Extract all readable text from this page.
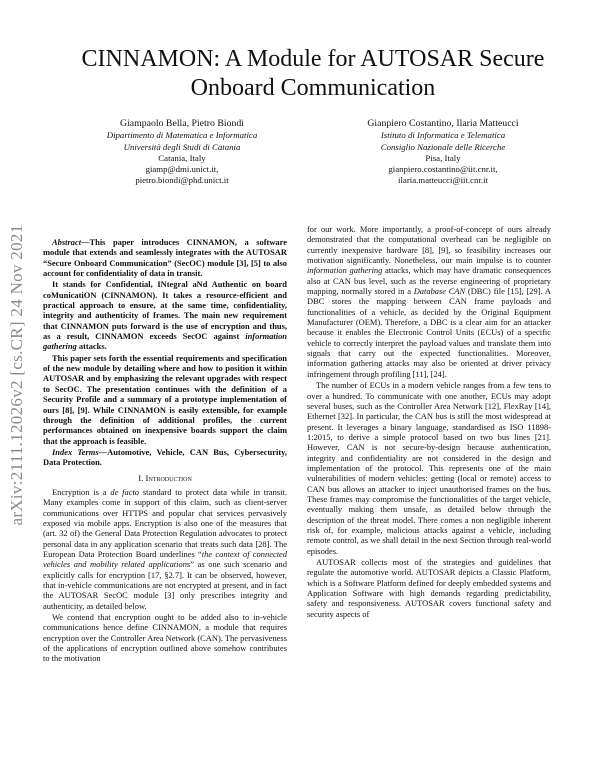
arXiv:2111.12026v2 [cs.CR] 24 Nov 2021
CINNAMON: A Module for AUTOSAR Secure
Onboard Communication
Giampaolo Bella, Pietro Biondi
Dipartimento di Matematica e Informatica
Università degli Studi di Catania
Catania, Italy
giamp@dmi.unict.it,
pietro.biondi@phd.unict.it
Gianpiero Costantino, Ilaria Matteucci
Istituto di Informatica e Telematica
Consiglio Nazionale delle Ricerche
Pisa, Italy
gianpiero.costantino@iit.cnr.it,
ilaria.matteucci@iit.cnr.it

Abstract—This paper introduces CINNAMON, a software module that extends and seamlessly integrates with the AUTOSAR “Secure Onboard Communication” (SecOC) module [3], [5] to also account for confidentiality of data in transit.

It stands for Confidential, INtegral aNd Authentic on board coMunicatiON (CINNAMON). It takes a resource-efficient and practical approach to ensure, at the same time, confidentiality, integrity and authenticity of frames. The main new requirement that CINNAMON puts forward is the use of encryption and thus, as a result, CINNAMON exceeds SecOC against information gathering attacks.

This paper sets forth the essential requirements and specification of the new module by detailing where and how to position it within AUTOSAR and by emphasizing the relevant upgrades with respect to SecOC. The presentation continues with the definition of a Security Profile and a summary of a prototype implementation of ours [8], [9]. While CINNAMON is easily extensible, for example through the definition of additional profiles, the current performances obtained on inexpensive boards support the claim that the approach is feasible.

Index Terms—Automotive, Vehicle, CAN Bus, Cybersecurity, Data Protection.

I. Introduction

Encryption is a de facto standard to protect data while in transit. Many examples come in support of this claim, such as client-server communications over HTTPS and popular chat services pervasively exposed via mobile apps. Encryption is also one of the measures that (art. 32 of) the General Data Protection Regulation advocates to protect personal data in any application scenario that treats such data [28]. The European Data Protection Board underlines “the context of connected vehicles and mobility related applications” as one such scenario and explicitly calls for encryption [17, §2.7]. It can be observed, however, that in-vehicle communications are not encrypted at present, and in fact the AUTOSAR SecOC module [3] only prescribes integrity and authenticity, as detailed below.

We contend that encryption ought to be added also to in-vehicle communications hence define CINNAMON, a module that requires encryption over the Controller Area Network (CAN). The pervasiveness of the applications of encryption outlined above somehow contributes to the motivation

for our work. More importantly, a proof-of-concept of ours already demonstrated that the computational overhead can be negligible on currently inexpensive hardware [8], [9], so feasibility increases our motivation significantly. Nonetheless, our main impulse is to counter information gathering attacks, which may have dramatic consequences also at CAN bus level, such as the reverse engineering of proprietary mapping, normally stored in a Database CAN (DBC) file [15], [29]. A DBC stores the mapping between CAN frame payloads and functionalities of a vehicle, as decided by the Original Equipment Manufacturer (OEM). Therefore, a DBC is a clear aim for an attacker because it enables the Electronic Control Units (ECUs) of a specific vehicle to correctly interpret the payload values and translate them into signals that carry out the expected functionalities. Moreover, information gathering attacks may also be oriented at driver privacy infringement through profiling [11], [24].

The number of ECUs in a modern vehicle ranges from a few tens to over a hundred. To communicate with one another, ECUs may adopt several buses, such as the Controller Area Network [12], FlexRay [14], Ethernet [32]. In particular, the CAN bus is still the most widespread at present. It leverages a binary language, standardised as ISO 11898-1:2015, to derive a simple protocol based on two bus lines [21]. However, CAN is not secure-by-design because authentication, integrity and confidentiality are not considered in the design and implementation of the protocol. This represents one of the main vulnerabilities of modern vehicles: getting (local or remote) access to CAN bus allows an attacker to inject unauthorised frames on the bus. These frames may compromise the functionalities of the target vehicle, eventually making them unsafe, as detailed below through the description of the threat model. There comes a non negligible inherent risk of, for example, malicious attacks against a vehicle, including remote control, as we shall detail in the next Section through real-world episodes.

AUTOSAR collects most of the strategies and guidelines that regulate the automotive world. AUTOSAR depicts a Classic Platform, which is a Software Platform defined for deeply embedded systems and Application Software with high demands regarding predictability, safety and responsiveness. AUTOSAR covers functional safety and security aspects of
